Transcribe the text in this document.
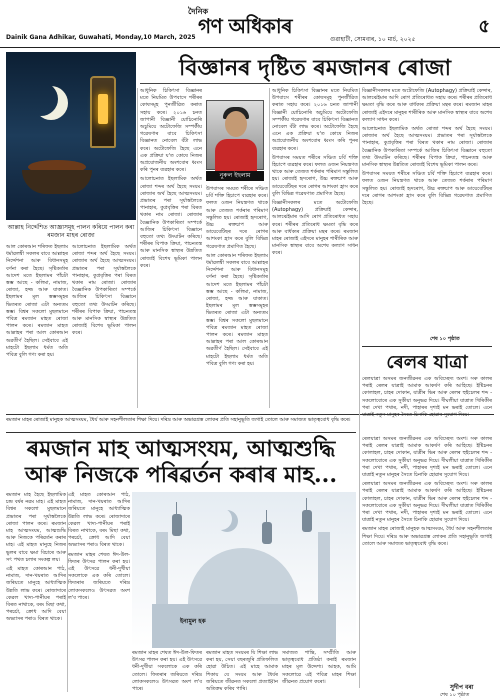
Dainik Gana Adhikar, Guwahati, Monday,10 March, 2025
দৈনিক
গণ অধিকাৰ
গুৱাহাটী, সোমবাৰ, ১০ মাৰ্চ, ২০২৫
৫
আল্লাহ নিৰ্দ্দেশিত আজ্ঞাসমূহ পালন কৰিয়ে পালন কৰা ৰমজান মাহৰ ৰোজা
বিজ্ঞানৰ দৃষ্টিত ৰমজানৰ ৰোজা

আল কোৰআন শৰিফত ইছলাম ধৰ্মাৱলম্বী সকলৰ বাবে আল্লাহৰ নিৰ্দ্দেশনা আৰু বিধানসমূহ বৰ্ণনা কৰা হৈছে। সৃষ্টিকৰ্তাৰ আদেশ মতে ইছলামৰ পাঁচটা স্তম্ভ আছে - কলিমা, নামাজ, ৰোজা, হজ্জ আৰু যাকাত। ইছলামৰ মূল স্তম্ভসমূহৰ ভিতৰত ৰোজা এটা অন্যতম স্তম্ভ। বিশ্বৰ সকলো মুছলমানে পবিত্ৰ ৰমজান মাহত ৰোজা পালন কৰে। ৰমজান মাহত আল্লাহৰ পৰা আল কোৰআন অৱতীৰ্ণ হৈছিল। সেইবাবে এই মাহটো ইছলাম ধৰ্মত অতি পবিত্ৰ বুলি গণ্য কৰা হয়।

আলোচনাত ইছলামিক অৰ্থত ৰোজা শব্দৰ অৰ্থ হৈছে সংযম। ৰোজাৰ অৰ্থ হৈছে আত্মসংযম। প্ৰভাতৰ পৰা সূৰ্যাস্তলৈকে পানাহাৰ, কুপ্ৰবৃত্তিৰ পৰা বিৰত থকাৰ নাম ৰোজা। ৰোজাৰ বৈজ্ঞানিক উপকাৰিতা সম্পৰ্কে আজিৰ চিকিৎসা বিজ্ঞানে বহুতো তথ্য উদ্ঘাটন কৰিছে। শৰীৰৰ বিপাক ক্ৰিয়া, পাচনতন্ত্ৰ আৰু মানসিক স্বাস্থ্যৰ উন্নতিত ৰোজাই বিশেষ ভূমিকা পালন কৰে।

আধুনিক চিকিৎসা বিজ্ঞানৰ মতে নিয়মিত উপবাসে শৰীৰৰ কোষসমূহ পুনৰ্জীৱিত কৰাত সহায় কৰে। ২০১৬ চনত জাপানী বিজ্ঞানী য়োচিনোৰি অচুমিয়ে অটোফেজি সম্পৰ্কীয় গৱেষণাৰ বাবে চিকিৎসা বিজ্ঞানত নোবেল বঁটা লাভ কৰে। অটোফেজি হৈছে এনে এক প্ৰক্ৰিয়া য'ত কোষে নিজৰ অপ্ৰয়োজনীয় অংশবোৰ ধ্বংস কৰি পুনৰ ব্যৱহাৰ কৰে।

আলোচনাত ইছলামিক অৰ্থত ৰোজা শব্দৰ অৰ্থ হৈছে সংযম। ৰোজাৰ অৰ্থ হৈছে আত্মসংযম। প্ৰভাতৰ পৰা সূৰ্যাস্তলৈকে পানাহাৰ, কুপ্ৰবৃত্তিৰ পৰা বিৰত থকাৰ নাম ৰোজা। ৰোজাৰ বৈজ্ঞানিক উপকাৰিতা সম্পৰ্কে আজিৰ চিকিৎসা বিজ্ঞানে বহুতো তথ্য উদ্ঘাটন কৰিছে। শৰীৰৰ বিপাক ক্ৰিয়া, পাচনতন্ত্ৰ আৰু মানসিক স্বাস্থ্যৰ উন্নতিত ৰোজাই বিশেষ ভূমিকা পালন কৰে।

নুৰুল ইছলাম

উপবাসৰ সময়ত শৰীৰে সঞ্চিত চৰ্বি শক্তি হিচাপে ব্যৱহাৰ কৰে। ফলত ওজন নিয়ন্ত্ৰণত থাকে আৰু তেজত শৰ্কৰাৰ পৰিমাণ সন্তুলিত হয়। ৰোজাই হৃদৰোগ, উচ্চ ৰক্তচাপ আৰু ডায়েবেটিছৰ দৰে ৰোগৰ আশংকা হ্ৰাস কৰে বুলি বিভিন্ন গৱেষণাত প্ৰমাণিত হৈছে।

আল কোৰআন শৰিফত ইছলাম ধৰ্মাৱলম্বী সকলৰ বাবে আল্লাহৰ নিৰ্দ্দেশনা আৰু বিধানসমূহ বৰ্ণনা কৰা হৈছে। সৃষ্টিকৰ্তাৰ আদেশ মতে ইছলামৰ পাঁচটা স্তম্ভ আছে - কলিমা, নামাজ, ৰোজা, হজ্জ আৰু যাকাত। ইছলামৰ মূল স্তম্ভসমূহৰ ভিতৰত ৰোজা এটা অন্যতম স্তম্ভ। বিশ্বৰ সকলো মুছলমানে পবিত্ৰ ৰমজান মাহত ৰোজা পালন কৰে। ৰমজান মাহত আল্লাহৰ পৰা আল কোৰআন অৱতীৰ্ণ হৈছিল। সেইবাবে এই মাহটো ইছলাম ধৰ্মত অতি পবিত্ৰ বুলি গণ্য কৰা হয়।

আধুনিক চিকিৎসা বিজ্ঞানৰ মতে নিয়মিত উপবাসে শৰীৰৰ কোষসমূহ পুনৰ্জীৱিত কৰাত সহায় কৰে। ২০১৬ চনত জাপানী বিজ্ঞানী য়োচিনোৰি অচুমিয়ে অটোফেজি সম্পৰ্কীয় গৱেষণাৰ বাবে চিকিৎসা বিজ্ঞানত নোবেল বঁটা লাভ কৰে। অটোফেজি হৈছে এনে এক প্ৰক্ৰিয়া য'ত কোষে নিজৰ অপ্ৰয়োজনীয় অংশবোৰ ধ্বংস কৰি পুনৰ ব্যৱহাৰ কৰে।

উপবাসৰ সময়ত শৰীৰে সঞ্চিত চৰ্বি শক্তি হিচাপে ব্যৱহাৰ কৰে। ফলত ওজন নিয়ন্ত্ৰণত থাকে আৰু তেজত শৰ্কৰাৰ পৰিমাণ সন্তুলিত হয়। ৰোজাই হৃদৰোগ, উচ্চ ৰক্তচাপ আৰু ডায়েবেটিছৰ দৰে ৰোগৰ আশংকা হ্ৰাস কৰে বুলি বিভিন্ন গৱেষণাত প্ৰমাণিত হৈছে।

বিজ্ঞানীসকলৰ মতে অটোফেজি (Autophagy) প্ৰক্ৰিয়াই কেন্সাৰ, আলঝেইমাৰ আদি ৰোগ প্ৰতিৰোধত সহায় কৰে। শৰীৰৰ প্ৰতিৰোধ ক্ষমতা বৃদ্ধি কৰে আৰু বাৰ্ধক্যৰ প্ৰক্ৰিয়া মন্থৰ কৰে। ৰমজান মাহৰ ৰোজাই এইদৰে মানুহৰ শাৰীৰিক আৰু মানসিক স্বাস্থ্যৰ বাবে অশেষ কল্যাণ সাধন কৰে।

বিজ্ঞানীসকলৰ মতে অটোফেজি (Autophagy) প্ৰক্ৰিয়াই কেন্সাৰ, আলঝেইমাৰ আদি ৰোগ প্ৰতিৰোধত সহায় কৰে। শৰীৰৰ প্ৰতিৰোধ ক্ষমতা বৃদ্ধি কৰে আৰু বাৰ্ধক্যৰ প্ৰক্ৰিয়া মন্থৰ কৰে। ৰমজান মাহৰ ৰোজাই এইদৰে মানুহৰ শাৰীৰিক আৰু মানসিক স্বাস্থ্যৰ বাবে অশেষ কল্যাণ সাধন কৰে।

আলোচনাত ইছলামিক অৰ্থত ৰোজা শব্দৰ অৰ্থ হৈছে সংযম। ৰোজাৰ অৰ্থ হৈছে আত্মসংযম। প্ৰভাতৰ পৰা সূৰ্যাস্তলৈকে পানাহাৰ, কুপ্ৰবৃত্তিৰ পৰা বিৰত থকাৰ নাম ৰোজা। ৰোজাৰ বৈজ্ঞানিক উপকাৰিতা সম্পৰ্কে আজিৰ চিকিৎসা বিজ্ঞানে বহুতো তথ্য উদ্ঘাটন কৰিছে। শৰীৰৰ বিপাক ক্ৰিয়া, পাচনতন্ত্ৰ আৰু মানসিক স্বাস্থ্যৰ উন্নতিত ৰোজাই বিশেষ ভূমিকা পালন কৰে।

উপবাসৰ সময়ত শৰীৰে সঞ্চিত চৰ্বি শক্তি হিচাপে ব্যৱহাৰ কৰে। ফলত ওজন নিয়ন্ত্ৰণত থাকে আৰু তেজত শৰ্কৰাৰ পৰিমাণ সন্তুলিত হয়। ৰোজাই হৃদৰোগ, উচ্চ ৰক্তচাপ আৰু ডায়েবেটিছৰ দৰে ৰোগৰ আশংকা হ্ৰাস কৰে বুলি বিভিন্ন গৱেষণাত প্ৰমাণিত হৈছে।

শেষ ১০ পৃষ্ঠাত
ৰেলৰ যাত্ৰা

ৰেলযাত্ৰা অসমৰ জনজীৱনৰ এক অবিচ্ছেদ্য অংশ। সৰু কালৰ পৰাই ৰেলৰ যাত্ৰাই আমাক আকৰ্ষণ কৰি আহিছে। ইষ্টিচনৰ কোলাহল, চাহৰ দোকান, যাত্ৰীৰ ভিৰ আৰু ৰেলৰ হুইচেলৰ শব্দ - সকলোবোৰে এক সুকীয়া অনুভৱ দিয়ে। দীঘলীয়া যাত্ৰাত খিৰিকীৰ পৰা দেখা পথাৰ, নদী, পাহাৰৰ দৃশ্যই মন ভৰাই তোলে। এনে যাত্ৰাই নতুন মানুহৰ সৈতে চিনাকি হোৱাৰ সুযোগ দিয়ে।

ৰমজান মাহৰ ৰোজাই মানুহক আত্মসংযম, ধৈৰ্য আৰু সহনশীলতাৰ শিক্ষা দিয়ে। দৰিদ্ৰ আৰু অভাৱগ্ৰস্ত লোকৰ প্ৰতি সহানুভূতি জগাই তোলে আৰু সমাজত ভাতৃত্ববোধ বৃদ্ধি কৰে।
ৰমজান মাহ আত্মসংযম, আত্মশুদ্ধি
আৰু নিজকে পৰিৱৰ্তন কৰাৰ মাহ...

ৰেলযাত্ৰা অসমৰ জনজীৱনৰ এক অবিচ্ছেদ্য অংশ। সৰু কালৰ পৰাই ৰেলৰ যাত্ৰাই আমাক আকৰ্ষণ কৰি আহিছে। ইষ্টিচনৰ কোলাহল, চাহৰ দোকান, যাত্ৰীৰ ভিৰ আৰু ৰেলৰ হুইচেলৰ শব্দ - সকলোবোৰে এক সুকীয়া অনুভৱ দিয়ে। দীঘলীয়া যাত্ৰাত খিৰিকীৰ পৰা দেখা পথাৰ, নদী, পাহাৰৰ দৃশ্যই মন ভৰাই তোলে। এনে যাত্ৰাই নতুন মানুহৰ সৈতে চিনাকি হোৱাৰ সুযোগ দিয়ে।

ৰেলযাত্ৰা অসমৰ জনজীৱনৰ এক অবিচ্ছেদ্য অংশ। সৰু কালৰ পৰাই ৰেলৰ যাত্ৰাই আমাক আকৰ্ষণ কৰি আহিছে। ইষ্টিচনৰ কোলাহল, চাহৰ দোকান, যাত্ৰীৰ ভিৰ আৰু ৰেলৰ হুইচেলৰ শব্দ - সকলোবোৰে এক সুকীয়া অনুভৱ দিয়ে। দীঘলীয়া যাত্ৰাত খিৰিকীৰ পৰা দেখা পথাৰ, নদী, পাহাৰৰ দৃশ্যই মন ভৰাই তোলে। এনে যাত্ৰাই নতুন মানুহৰ সৈতে চিনাকি হোৱাৰ সুযোগ দিয়ে।

ৰমজান মাহৰ ৰোজাই মানুহক আত্মসংযম, ধৈৰ্য আৰু সহনশীলতাৰ শিক্ষা দিয়ে। দৰিদ্ৰ আৰু অভাৱগ্ৰস্ত লোকৰ প্ৰতি সহানুভূতি জগাই তোলে আৰু সমাজত ভাতৃত্ববোধ বৃদ্ধি কৰে।

সুদীপ বৰা
শেষ ১০ পৃষ্ঠাত

ৰমজান মাহ হৈছে ইছলামিক চন্দ্ৰ বৰ্ষৰ নৱম মাহ। এই মাহত বিশ্বৰ সকলো মুছলমানে প্ৰভাতৰ পৰা সূৰ্যাস্তলৈকে ৰোজা পালন কৰে। ৰমজান মাহ আত্মসংযম, আত্মশুদ্ধি আৰু নিজকে পৰিৱৰ্তন কৰাৰ মাহ। এই মাহত মানুহে নিজৰ ভুলৰ বাবে ক্ষমা বিচাৰে আৰু সৎ পথত চলাৰ সংকল্প লয়।

এই মাহত কোৰআন পাঠ, নামাজ, দান-খয়ৰাত আদিৰ জৰিয়তে মানুহে আধ্যাত্মিক উন্নতি লাভ কৰে। ৰোজাদাৰে কেৱল খাদ্য-পানীয়ৰ পৰাই বিৰত নাথাকে, বৰং মিছা কথা, পৰচৰ্চা, ক্ৰোধ আদি বেয়া অভ্যাসৰ পৰাও বিৰত থাকে।

এই মাহত কোৰআন পাঠ, নামাজ, দান-খয়ৰাত আদিৰ জৰিয়তে মানুহে আধ্যাত্মিক উন্নতি লাভ কৰে। ৰোজাদাৰে কেৱল খাদ্য-পানীয়ৰ পৰাই বিৰত নাথাকে, বৰং মিছা কথা, পৰচৰ্চা, ক্ৰোধ আদি বেয়া অভ্যাসৰ পৰাও বিৰত থাকে।

ৰমজান মাহৰ শেষত ঈদ-উল-ফিতৰ উৎসৱ পালন কৰা হয়। এই উৎসৱে ধনী-দুখীয়া সকলোকে এক কৰি তোলে। ফিতৰাৰ জৰিয়তে দৰিদ্ৰ লোকসকলেও উৎসৱত অংশ ল'ব পাৰে।

ৰমজান মাহৰ শেষত ঈদ-উল-ফিতৰ উৎসৱ পালন কৰা হয়। এই উৎসৱে ধনী-দুখীয়া সকলোকে এক কৰি তোলে। ফিতৰাৰ জৰিয়তে দৰিদ্ৰ লোকসকলেও উৎসৱত অংশ ল'ব পাৰে।

ইনামুল হক

ৰমজান মাহত সংযমৰ যি শিক্ষা লাভ কৰা হয়, সেয়া বছৰজুৰি প্ৰতিফলিত হোৱা উচিত। এই মাহে আমাক শিকায় যে সংযম আৰু ধৈৰ্যৰ জৰিয়তে জীৱনত সকলো প্ৰত্যাহ্বান অতিক্ৰম কৰিব পাৰি।

সমাজত শান্তি, সম্প্ৰীতি আৰু ভাতৃত্ববোধ প্ৰতিষ্ঠা কৰাই ৰমজান মাহৰ মূল উদ্দেশ্য। আহক, আমি সকলোৱে এই পবিত্ৰ মাহৰ শিক্ষা জীৱনত প্ৰয়োগ কৰো।
